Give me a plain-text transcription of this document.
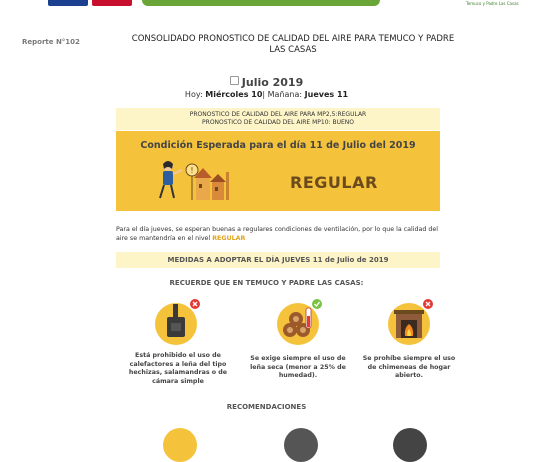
Temuco y Padre Las Casas
Reporte N°102	CONSOLIDADO PRONOSTICO DE CALIDAD DEL AIRE PARA TEMUCO Y PADRE LAS CASAS
Julio 2019
Hoy: Miércoles 10| Mañana: Jueves 11
PRONOSTICO DE CALIDAD DEL AIRE PARA MP2,5:REGULAR
PRONOSTICO DE CALIDAD DEL AIRE MP10: BUENO
Condición Esperada para el día 11 de Julio del 2019
!
REGULAR
Para el día jueves, se esperan buenas a regulares condiciones de ventilación, por lo que la calidad del aire se mantendría en el nivel REGULAR
MEDIDAS A ADOPTAR EL DÍA JUEVES 11 de Julio de 2019
RECUERDE QUE EN TEMUCO Y PADRE LAS CASAS:
Está prohibido el uso de calefactores a leña del tipo hechizas, salamandras o de cámara simple
Se exige siempre el uso de leña seca (menor a 25% de humedad).
Se prohíbe siempre el uso de chimeneas de hogar abierto.
RECOMENDACIONES
